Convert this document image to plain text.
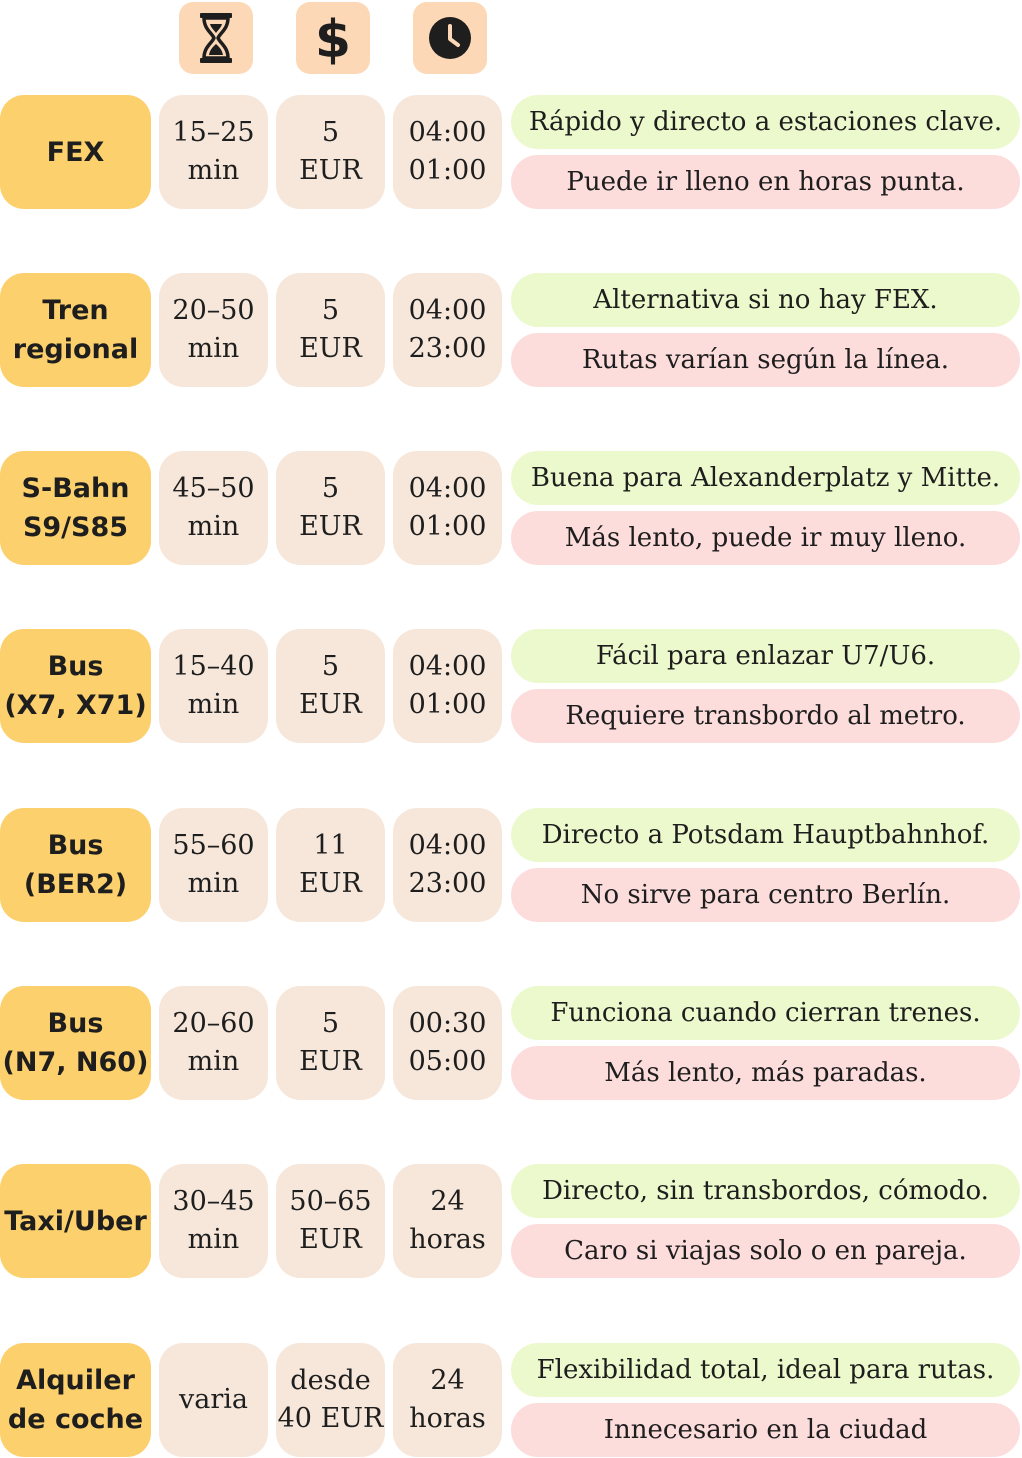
$
FEX
15–25
min
5
EUR
04:00
01:00
Rápido y directo a estaciones clave.
Puede ir lleno en horas punta.
Tren
regional
20–50
min
5
EUR
04:00
23:00
Alternativa si no hay FEX.
Rutas varían según la línea.
S-Bahn
S9/S85
45–50
min
5
EUR
04:00
01:00
Buena para Alexanderplatz y Mitte.
Más lento, puede ir muy lleno.
Bus
(X7, X71)
15–40
min
5
EUR
04:00
01:00
Fácil para enlazar U7/U6.
Requiere transbordo al metro.
Bus
(BER2)
55–60
min
11
EUR
04:00
23:00
Directo a Potsdam Hauptbahnhof.
No sirve para centro Berlín.
Bus
(N7, N60)
20–60
min
5
EUR
00:30
05:00
Funciona cuando cierran trenes.
Más lento, más paradas.
Taxi/Uber
30–45
min
50–65
EUR
24
horas
Directo, sin transbordos, cómodo.
Caro si viajas solo o en pareja.
Alquiler
de coche
varia
desde
40 EUR
24
horas
Flexibilidad total, ideal para rutas.
Innecesario en la ciudad
